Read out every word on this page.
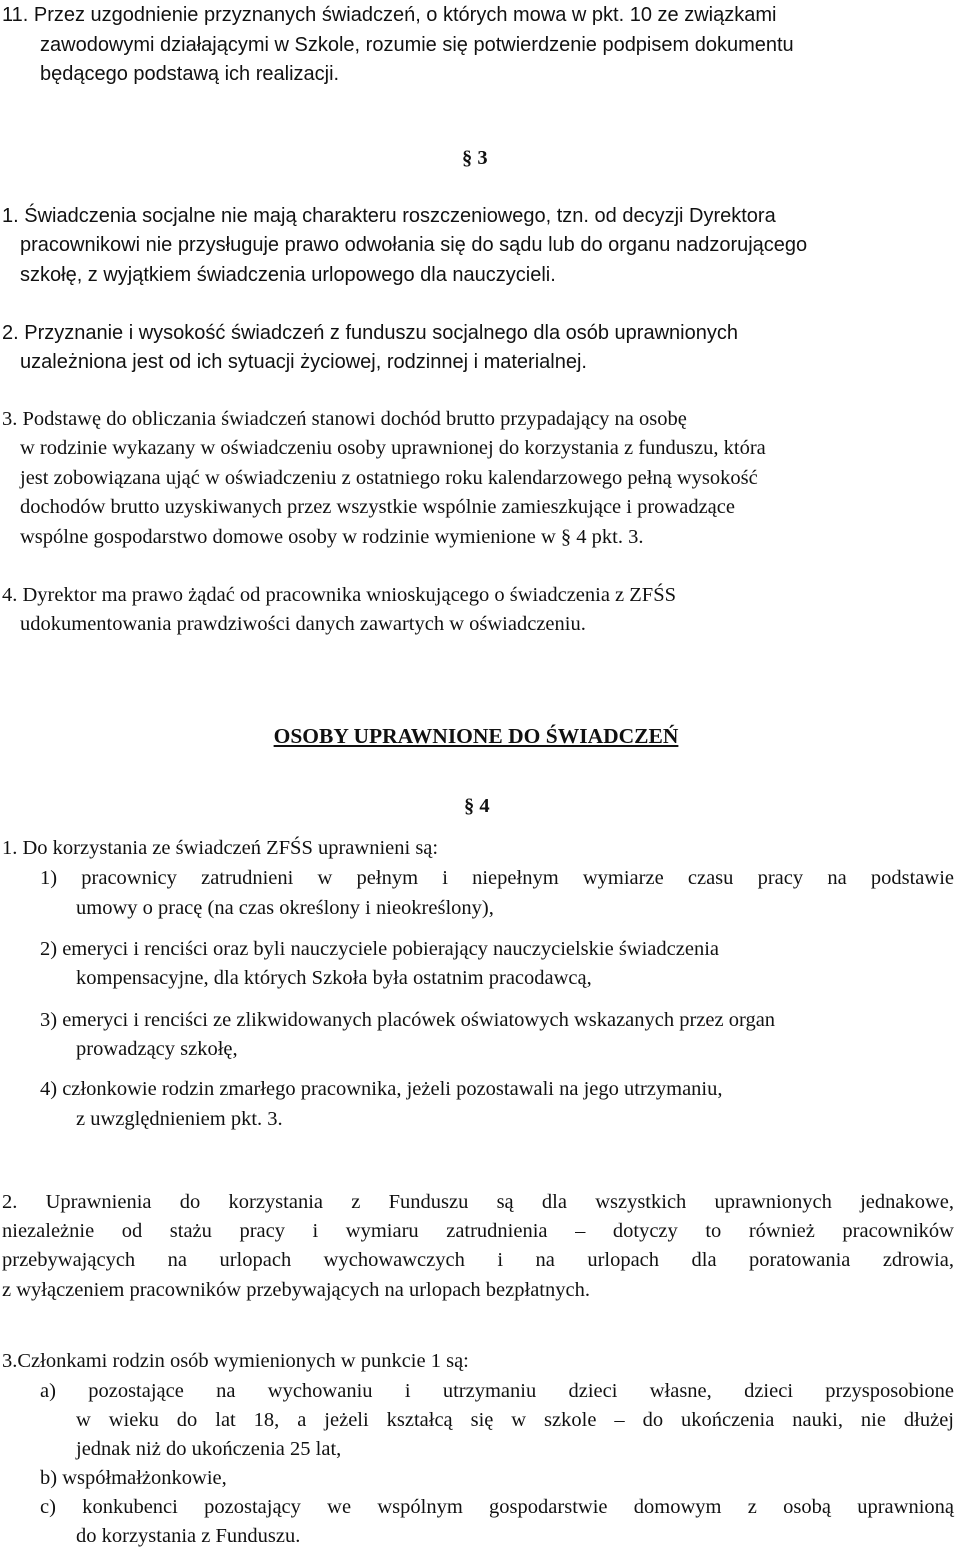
11. Przez uzgodnienie przyznanych świadczeń, o których mowa w pkt. 10 ze związkami
zawodowymi działającymi w Szkole, rozumie się potwierdzenie podpisem dokumentu
będącego podstawą ich realizacji.
§ 3
1. Świadczenia socjalne nie mają charakteru roszczeniowego, tzn. od decyzji Dyrektora
pracownikowi nie przysługuje prawo odwołania się do sądu lub do organu nadzorującego
szkołę, z wyjątkiem świadczenia urlopowego dla nauczycieli.
2. Przyznanie i wysokość świadczeń z funduszu socjalnego dla osób uprawnionych
uzależniona jest od ich sytuacji życiowej, rodzinnej i materialnej.
3. Podstawę do obliczania świadczeń stanowi dochód brutto przypadający na osobę
w rodzinie wykazany w oświadczeniu osoby uprawnionej do korzystania z funduszu, która
jest zobowiązana ująć w oświadczeniu z ostatniego roku kalendarzowego pełną wysokość
dochodów brutto uzyskiwanych przez wszystkie wspólnie zamieszkujące i prowadzące
wspólne gospodarstwo domowe osoby w rodzinie wymienione w § 4 pkt. 3.
4. Dyrektor ma prawo żądać od pracownika wnioskującego o świadczenia z ZFŚS
udokumentowania prawdziwości danych zawartych w oświadczeniu.
OSOBY UPRAWNIONE DO ŚWIADCZEŃ
§ 4
1. Do korzystania ze świadczeń ZFŚS uprawnieni są:
1) pracownicy zatrudnieni w pełnym i niepełnym wymiarze czasu pracy na podstawie
umowy o pracę (na czas określony i nieokreślony),
2) emeryci i renciści oraz byli nauczyciele pobierający nauczycielskie świadczenia
kompensacyjne, dla których Szkoła była ostatnim pracodawcą,
3) emeryci i renciści ze zlikwidowanych placówek oświatowych wskazanych przez organ
prowadzący szkołę,
4) członkowie rodzin zmarłego pracownika, jeżeli pozostawali na jego utrzymaniu,
z uwzględnieniem pkt. 3.
2. Uprawnienia do korzystania z Funduszu są dla wszystkich uprawnionych jednakowe,
niezależnie od stażu pracy i wymiaru zatrudnienia – dotyczy to również pracowników
przebywających na urlopach wychowawczych i na urlopach dla poratowania zdrowia,
z wyłączeniem pracowników przebywających na urlopach bezpłatnych.
3.Członkami rodzin osób wymienionych w punkcie 1 są:
a) pozostające na wychowaniu i utrzymaniu dzieci własne, dzieci przysposobione
w wieku do lat 18, a jeżeli kształcą się w szkole – do ukończenia nauki, nie dłużej
jednak niż do ukończenia 25 lat,
b) współmałżonkowie,
c) konkubenci pozostający we wspólnym gospodarstwie domowym z osobą uprawnioną
do korzystania z Funduszu.
